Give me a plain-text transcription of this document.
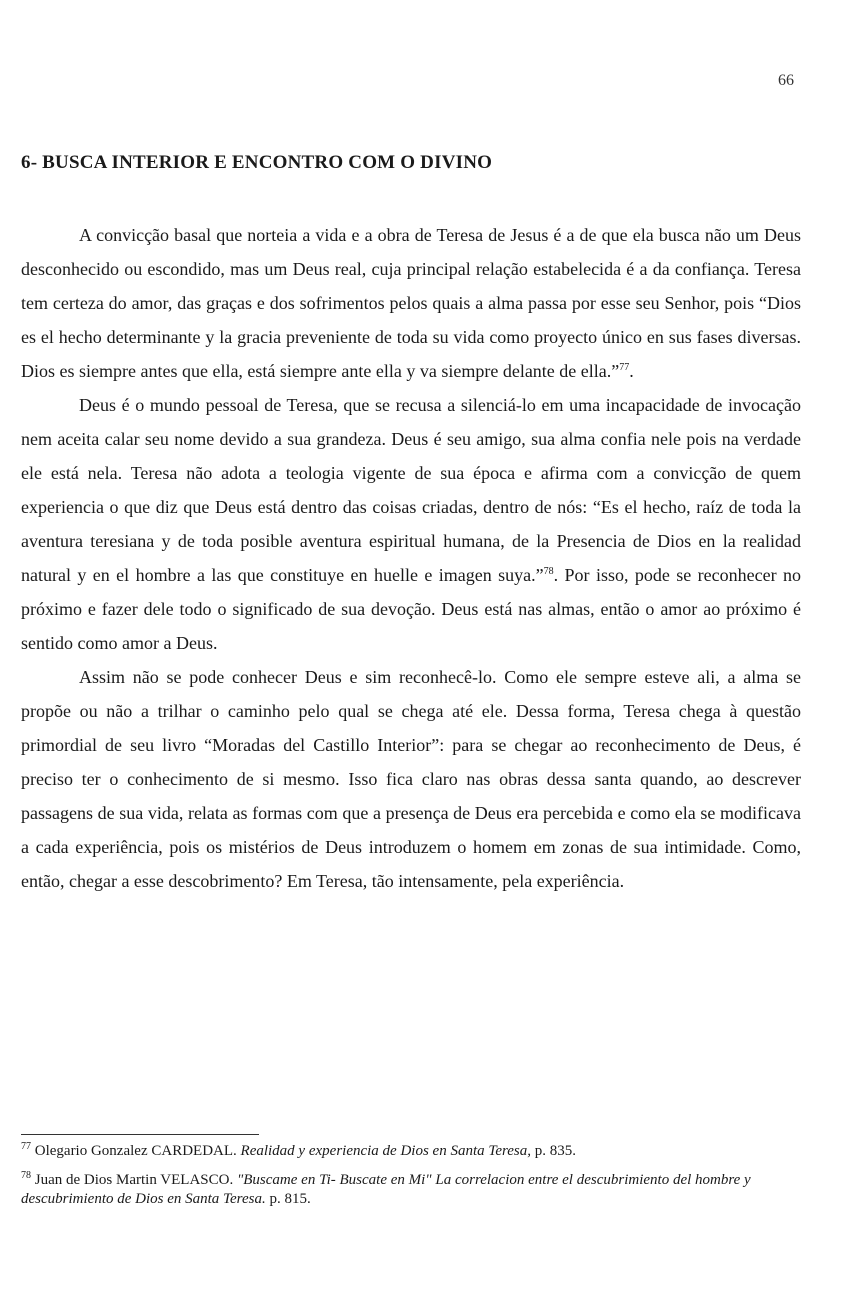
66
6- BUSCA INTERIOR E ENCONTRO COM O DIVINO

A convicção basal que norteia a vida e a obra de Teresa de Jesus é a de que ela busca não um Deus desconhecido ou escondido, mas um Deus real, cuja principal relação estabelecida é a da confiança. Teresa tem certeza do amor, das graças e dos sofrimentos pelos quais a alma passa por esse seu Senhor, pois “Dios es el hecho determinante y la gracia preveniente de toda su vida como proyecto único en sus fases diversas. Dios es siempre antes que ella, está siempre ante ella y va siempre delante de ella.”$^{77}$.

Deus é o mundo pessoal de Teresa, que se recusa a silenciá-lo em uma incapacidade de invocação nem aceita calar seu nome devido a sua grandeza. Deus é seu amigo, sua alma confia nele pois na verdade ele está nela. Teresa não adota a teologia vigente de sua época e afirma com a convicção de quem experiencia o que diz que Deus está dentro das coisas criadas, dentro de nós: “Es el hecho, raíz de toda la aventura teresiana y de toda posible aventura espiritual humana, de la Presencia de Dios en la realidad natural y en el hombre a las que constituye en huelle e imagen suya.”$^{78}$. Por isso, pode se reconhecer no próximo e fazer dele todo o significado de sua devoção. Deus está nas almas, então o amor ao próximo é sentido como amor a Deus.

Assim não se pode conhecer Deus e sim reconhecê-lo. Como ele sempre esteve ali, a alma se propõe ou não a trilhar o caminho pelo qual se chega até ele. Dessa forma, Teresa chega à questão primordial de seu livro “Moradas del Castillo Interior”: para se chegar ao reconhecimento de Deus, é preciso ter o conhecimento de si mesmo. Isso fica claro nas obras dessa santa quando, ao descrever passagens de sua vida, relata as formas com que a presença de Deus era percebida e como ela se modificava a cada experiência, pois os mistérios de Deus introduzem o homem em zonas de sua intimidade. Como, então, chegar a esse descobrimento? Em Teresa, tão intensamente, pela experiência.

$^{77}$ Olegario Gonzalez CARDEDAL. Realidad y experiencia de Dios en Santa Teresa, p. 835.

$^{78}$ Juan de Dios Martin VELASCO. "Buscame en Ti- Buscate en Mi" La correlacion entre el descubrimiento del hombre y descubrimiento de Dios en Santa Teresa. p. 815.
